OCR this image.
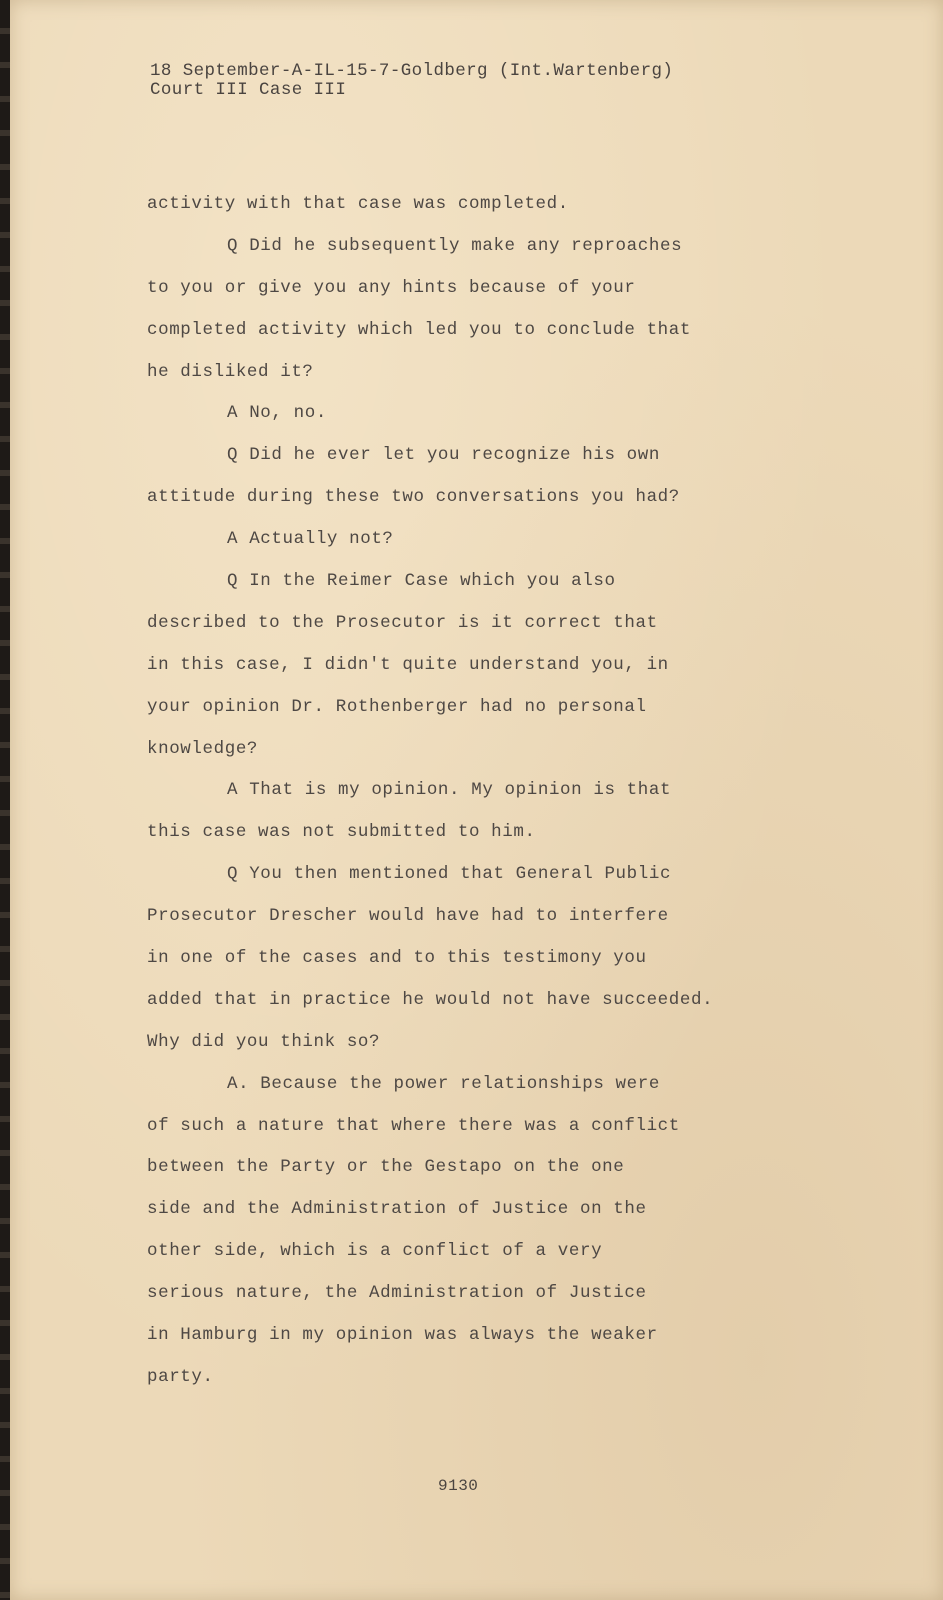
18 September-A-IL-15-7-Goldberg (Int.Wartenberg)
Court III Case III
activity with that case was completed.
Q Did he subsequently make any reproaches
to you or give you any hints because of your
completed activity which led you to conclude that
he disliked it?
A No, no.
Q Did he ever let you recognize his own
attitude during these two conversations you had?
A Actually not?
Q In the Reimer Case which you also
described to the Prosecutor is it correct that
in this case, I didn't quite understand you, in
your opinion Dr. Rothenberger had no personal
knowledge?
A That is my opinion. My opinion is that
this case was not submitted to him.
Q You then mentioned that General Public
Prosecutor Drescher would have had to interfere
in one of the cases and to this testimony you
added that in practice he would not have succeeded.
Why did you think so?
A. Because the power relationships were
of such a nature that where there was a conflict
between the Party or the Gestapo on the one
side and the Administration of Justice on the
other side, which is a conflict of a very
serious nature, the Administration of Justice
in Hamburg in my opinion was always the weaker
party.
9130
